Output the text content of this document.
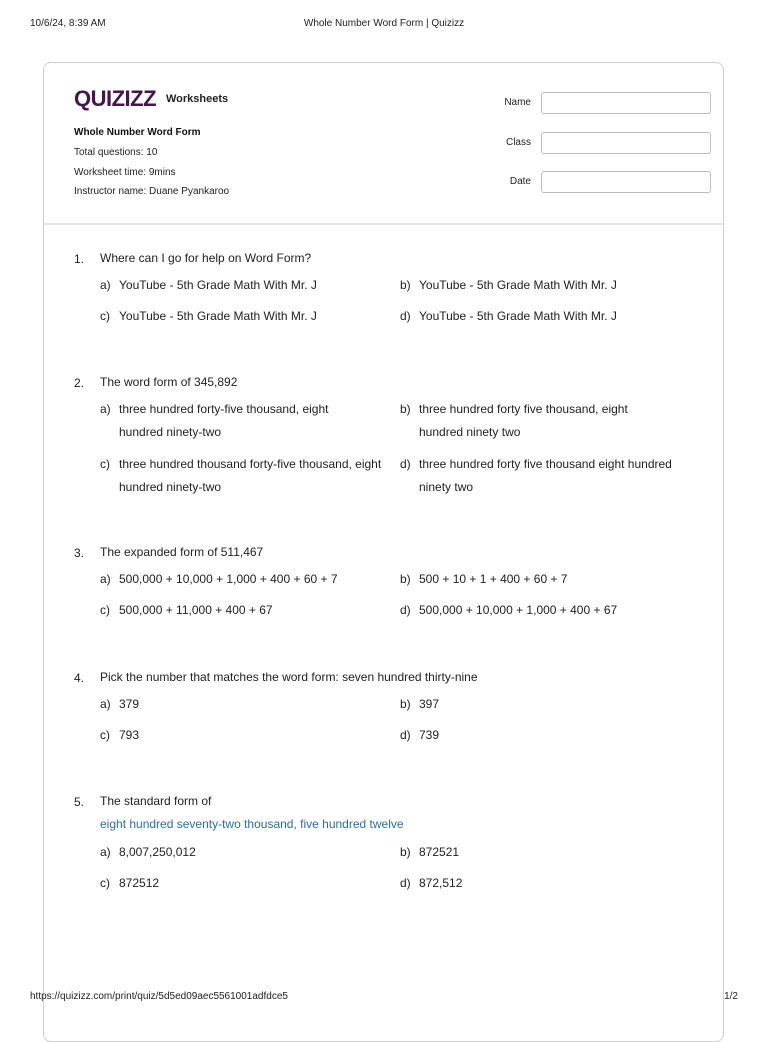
10/6/24, 8:39 AM	Whole Number Word Form | Quizizz
QUIZIZZ Worksheets
Whole Number Word Form
Total questions: 10
Worksheet time: 9mins
Instructor name: Duane Pyankaroo
Name
Class
Date
1. Where can I go for help on Word Form?
a) YouTube - 5th Grade Math With Mr. J	b) YouTube - 5th Grade Math With Mr. J
c) YouTube - 5th Grade Math With Mr. J	d) YouTube - 5th Grade Math With Mr. J
2. The word form of 345,892
a) three hundred forty-five thousand, eight hundred ninety-two
b) three hundred forty five thousand, eight hundred ninety two
c) three hundred thousand forty-five thousand, eight hundred ninety-two
d) three hundred forty five thousand eight hundred ninety two
3. The expanded form of 511,467
a) 500,000 + 10,000 + 1,000 + 400 + 60 + 7	b) 500 + 10 + 1 + 400 + 60 + 7
c) 500,000 + 11,000 + 400 + 67	d) 500,000 + 10,000 + 1,000 + 400 + 67
4. Pick the number that matches the word form: seven hundred thirty-nine
a) 379	b) 397
c) 793	d) 739
5. The standard form of
eight hundred seventy-two thousand, five hundred twelve
a) 8,007,250,012	b) 872521
c) 872512	d) 872,512
https://quizizz.com/print/quiz/5d5ed09aec5561001adfdce5	1/2
